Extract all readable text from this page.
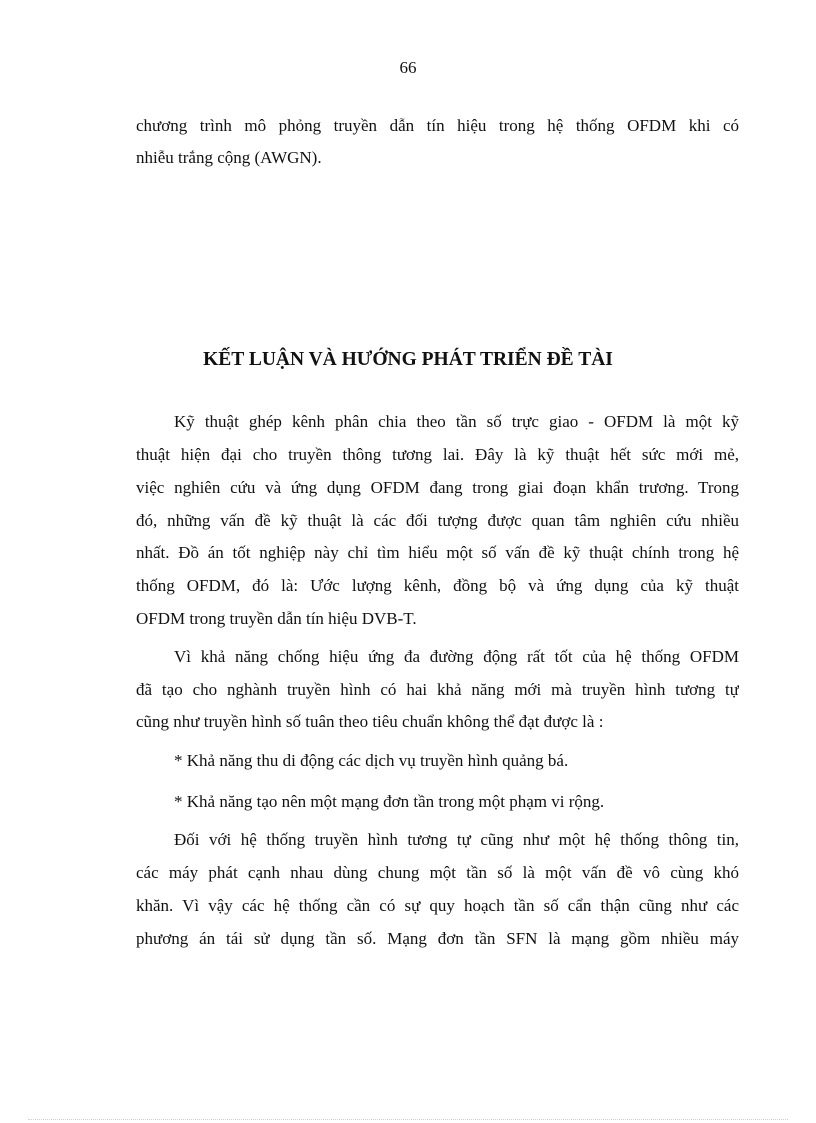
66
chương trình mô phỏng truyền dẫn tín hiệu trong hệ thống OFDM khi có
nhiễu trắng cộng (AWGN).
KẾT LUẬN VÀ HƯỚNG PHÁT TRIỂN ĐỀ TÀI
Kỹ thuật ghép kênh phân chia theo tần số trực giao - OFDM là một kỹ
thuật hiện đại cho truyền thông tương lai. Đây là kỹ thuật hết sức mới mẻ,
việc nghiên cứu và ứng dụng OFDM đang trong giai đoạn khẩn trương. Trong
đó, những vấn đề kỹ thuật là các đối tượng được quan tâm nghiên cứu nhiều
nhất. Đồ án tốt nghiệp này chỉ tìm hiểu một số vấn đề kỹ thuật chính trong hệ
thống OFDM, đó là: Ước lượng kênh, đồng bộ và ứng dụng của kỹ thuật
OFDM trong truyền dẫn tín hiệu DVB-T.
Vì khả năng chống hiệu ứng đa đường động rất tốt của hệ thống OFDM
đã tạo cho nghành truyền hình có hai khả năng mới mà truyền hình tương tự
cũng như truyền hình số tuân theo tiêu chuẩn không thể đạt được là :
* Khả năng thu di động các dịch vụ truyền hình quảng bá.
* Khả năng tạo nên một mạng đơn tần trong một phạm vi rộng.
Đối với hệ thống truyền hình tương tự cũng như một hệ thống thông tin,
các máy phát cạnh nhau dùng chung một tần số là một vấn đề vô cùng khó
khăn. Vì vậy các hệ thống cần có sự quy hoạch tần số cẩn thận cũng như các
phương án tái sử dụng tần số. Mạng đơn tần SFN là mạng gồm nhiều máy
